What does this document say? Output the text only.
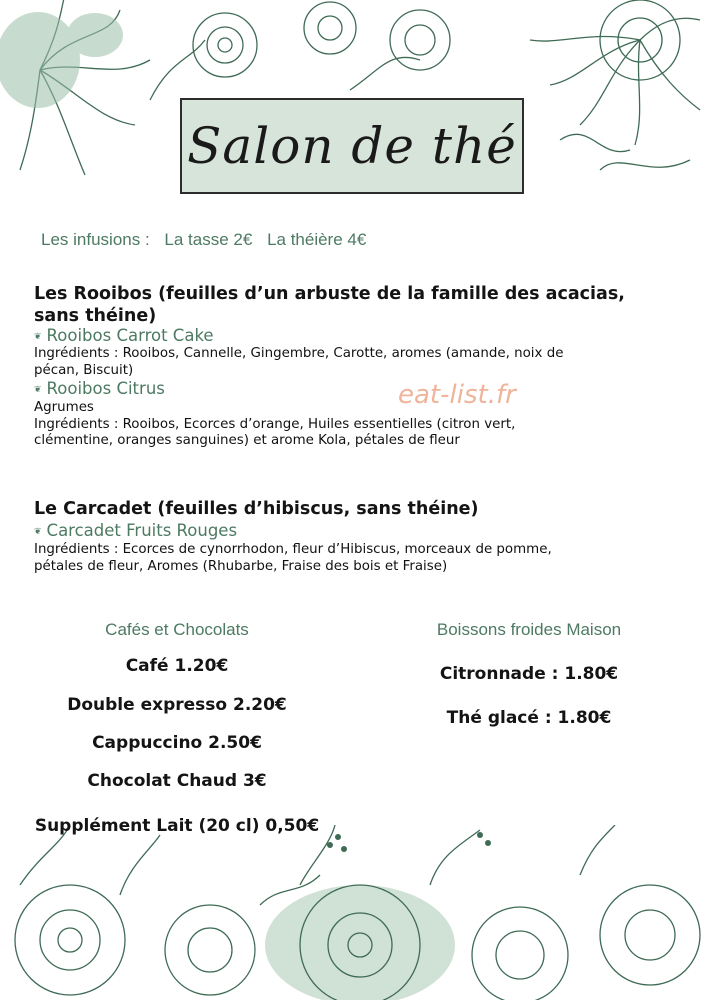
Salon de thé
Les infusions : La tasse 2€ La théière 4€
Les Rooibos (feuilles d’un arbuste de la famille des acacias,
sans théine)
❦ Rooibos Carrot Cake
Ingrédients : Rooibos, Cannelle, Gingembre, Carotte, aromes (amande, noix de
pécan, Biscuit)
❦ Rooibos Citrus
Agrumes
Ingrédients : Rooibos, Ecorces d’orange, Huiles essentielles (citron vert,
clémentine, oranges sanguines) et arome Kola, pétales de fleur
eat-list.fr
Le Carcadet (feuilles d’hibiscus, sans théine)
❦ Carcadet Fruits Rouges
Ingrédients : Ecorces de cynorrhodon, fleur d’Hibiscus, morceaux de pomme,
pétales de fleur, Aromes (Rhubarbe, Fraise des bois et Fraise)
Cafés et Chocolats
Café 1.20€
Double expresso 2.20€
Cappuccino 2.50€
Chocolat Chaud 3€
Supplément Lait (20 cl) 0,50€
Boissons froides Maison
Citronnade : 1.80€
Thé glacé : 1.80€
